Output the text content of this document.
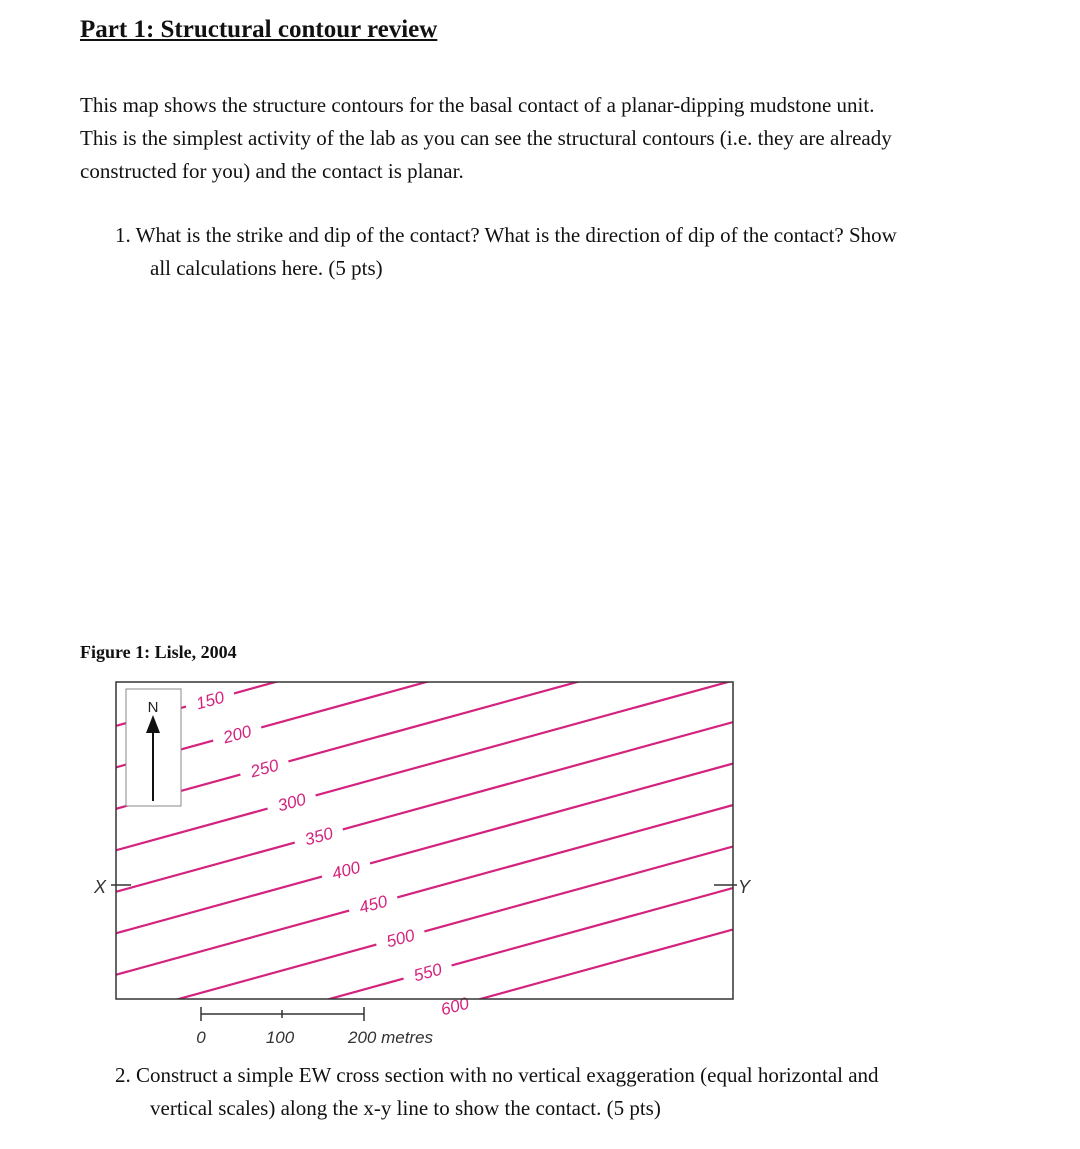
Part 1: Structural contour review

This map shows the structure contours for the basal contact of a planar-dipping mudstone unit.
This is the simplest activity of the lab as you can see the structural contours (i.e. they are already
constructed for you) and the contact is planar.

1. What is the strike and dip of the contact? What is the direction of dip of the contact? Show
all calculations here. (5 pts)

Figure 1: Lisle, 2004

150
200
250
300
350
400
450
500
550
600
N
X	Y
0	100	200 metres

2. Construct a simple EW cross section with no vertical exaggeration (equal horizontal and
vertical scales) along the x-y line to show the contact. (5 pts)
